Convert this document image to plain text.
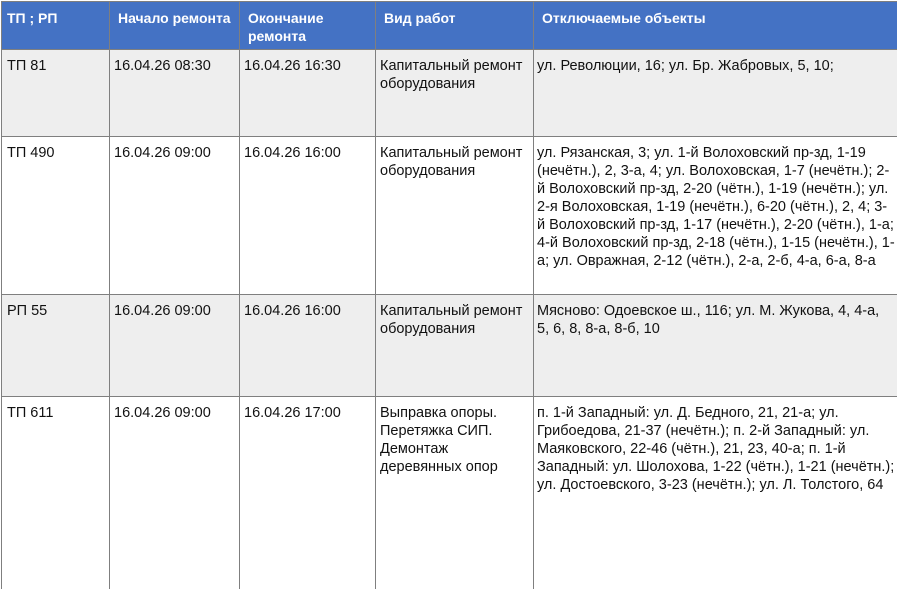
ТП ; РП	Начало ремонта	Окончание ремонта	Вид работ	Отключаемые объекты
ТП 81	16.04.26 08:30	16.04.26 16:30	Капитальный ремонт оборудования	ул. Революции, 16; ул. Бр. Жабровых, 5, 10;
ТП 490	16.04.26 09:00	16.04.26 16:00	Капитальный ремонт оборудования	ул. Рязанская, 3; ул. 1-й Волоховский пр-зд, 1-19 (нечётн.), 2, 3-а, 4; ул. Волоховская, 1-7 (нечётн.); 2-й Волоховский пр-зд, 2-20 (чётн.), 1-19 (нечётн.); ул. 2-я Волоховская, 1-19 (нечётн.), 6-20 (чётн.), 2, 4; 3-й Волоховский пр-зд, 1-17 (нечётн.), 2-20 (чётн.), 1-а; 4-й Волоховский пр-зд, 2-18 (чётн.), 1-15 (нечётн.), 1-а; ул. Овражная, 2-12 (чётн.), 2-а, 2-б, 4-а, 6-а, 8-а
РП 55	16.04.26 09:00	16.04.26 16:00	Капитальный ремонт оборудования	Мясново: Одоевское ш., 116; ул. М. Жукова, 4, 4-а, 5, 6, 8, 8-а, 8-б, 10
ТП 611	16.04.26 09:00	16.04.26 17:00	Выправка опоры. Перетяжка СИП. Демонтаж деревянных опор	п. 1-й Западный: ул. Д. Бедного, 21, 21-а; ул. Грибоедова, 21-37 (нечётн.); п. 2-й Западный: ул. Маяковского, 22-46 (чётн.), 21, 23, 40-а; п. 1-й Западный: ул. Шолохова, 1-22 (чётн.), 1-21 (нечётн.); ул. Достоевского, 3-23 (нечётн.); ул. Л. Толстого, 64
